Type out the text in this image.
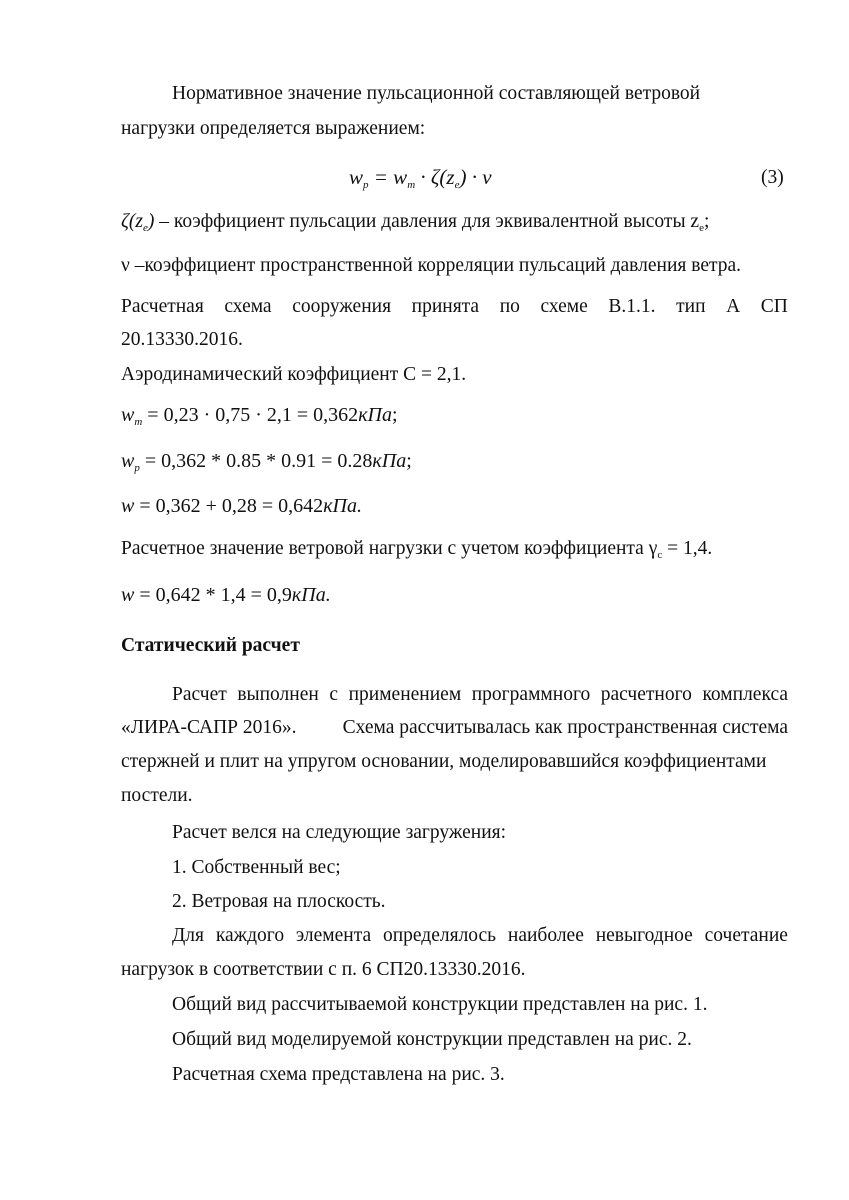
Нормативное значение пульсационной составляющей ветровой
нагрузки определяется выражением:
$w_p = w_m \cdot \zeta(z_e) \cdot \nu$	(3)
$\zeta(z_e)$ – коэффициент пульсации давления для эквивалентной высоты $z_e$;
ν –коэффициент пространственной корреляции пульсаций давления ветра.
Расчетная схема сооружения принята по схеме В.1.1. тип А СП
20.13330.2016.
Аэродинамический коэффициент С = 2,1.
$w_m = 0,23 \cdot 0,75 \cdot 2,1 = 0,362кПа$;
$w_p = 0,362 * 0.85 * 0.91 = 0.28кПа$;
w = 0,362 + 0,28 = 0,642кПа.
Расчетное значение ветровой нагрузки с учетом коэффициента $\gamma_c = 1,4$.
w = 0,642 * 1,4 = 0,9кПа.
Статический расчет
Расчет выполнен с применением программного расчетного комплекса
«ЛИРА-САПР 2016». Схема рассчитывалась как пространственная система
стержней и плит на упругом основании, моделировавшийся коэффициентами
постели.
Расчет велся на следующие загружения:
1. Собственный вес;
2. Ветровая на плоскость.
Для каждого элемента определялось наиболее невыгодное сочетание
нагрузок в соответствии с п. 6 СП20.13330.2016.
Общий вид рассчитываемой конструкции представлен на рис. 1.
Общий вид моделируемой конструкции представлен на рис. 2.
Расчетная схема представлена на рис. 3.
